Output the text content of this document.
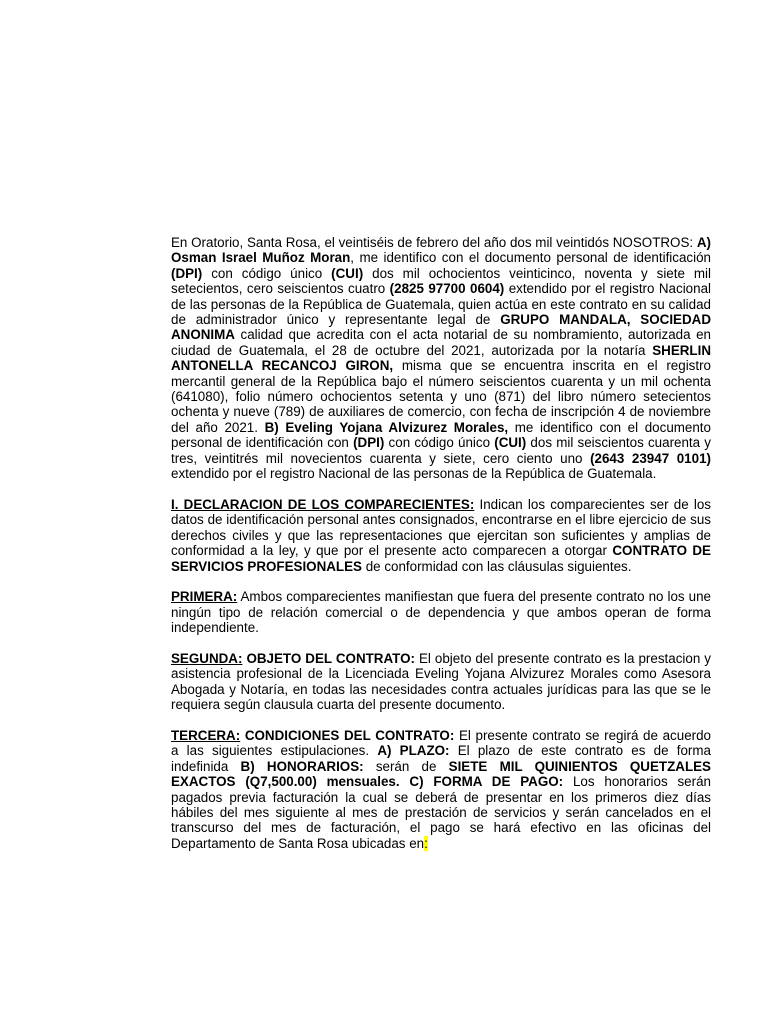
En Oratorio, Santa Rosa, el veintiséis de febrero del año dos mil veintidós NOSOTROS: A) Osman Israel Muñoz Moran, me identifico con el documento personal de identificación (DPI) con código único (CUI) dos mil ochocientos veinticinco, noventa y siete mil setecientos, cero seiscientos cuatro (2825 97700 0604) extendido por el registro Nacional de las personas de la República de Guatemala, quien actúa en este contrato en su calidad de administrador único y representante legal de GRUPO MANDALA, SOCIEDAD ANONIMA calidad que acredita con el acta notarial de su nombramiento, autorizada en ciudad de Guatemala, el 28 de octubre del 2021, autorizada por la notaría SHERLIN ANTONELLA RECANCOJ GIRON, misma que se encuentra inscrita en el registro mercantil general de la República bajo el número seiscientos cuarenta y un mil ochenta (641080), folio número ochocientos setenta y uno (871) del libro número setecientos ochenta y nueve (789) de auxiliares de comercio, con fecha de inscripción 4 de noviembre del año 2021. B) Eveling Yojana Alvizurez Morales, me identifico con el documento personal de identificación con (DPI) con código único (CUI) dos mil seiscientos cuarenta y tres, veintitrés mil novecientos cuarenta y siete, cero ciento uno (2643 23947 0101) extendido por el registro Nacional de las personas de la República de Guatemala.

I. DECLARACION DE LOS COMPARECIENTES: Indican los comparecientes ser de los datos de identificación personal antes consignados, encontrarse en el libre ejercicio de sus derechos civiles y que las representaciones que ejercitan son suficientes y amplias de conformidad a la ley, y que por el presente acto comparecen a otorgar CONTRATO DE SERVICIOS PROFESIONALES de conformidad con las cláusulas siguientes.

PRIMERA: Ambos comparecientes manifiestan que fuera del presente contrato no los une ningún tipo de relación comercial o de dependencia y que ambos operan de forma independiente.

SEGUNDA: OBJETO DEL CONTRATO: El objeto del presente contrato es la prestacion y asistencia profesional de la Licenciada Eveling Yojana Alvizurez Morales como Asesora Abogada y Notaría, en todas las necesidades contra actuales jurídicas para las que se le requiera según clausula cuarta del presente documento.

TERCERA: CONDICIONES DEL CONTRATO: El presente contrato se regirá de acuerdo a las siguientes estipulaciones. A) PLAZO: El plazo de este contrato es de forma indefinida B) HONORARIOS: serán de SIETE MIL QUINIENTOS QUETZALES EXACTOS (Q7,500.00) mensuales. C) FORMA DE PAGO: Los honorarios serán pagados previa facturación la cual se deberá de presentar en los primeros diez días hábiles del mes siguiente al mes de prestación de servicios y serán cancelados en el transcurso del mes de facturación, el pago se hará efectivo en las oficinas del Departamento de Santa Rosa ubicadas en:
